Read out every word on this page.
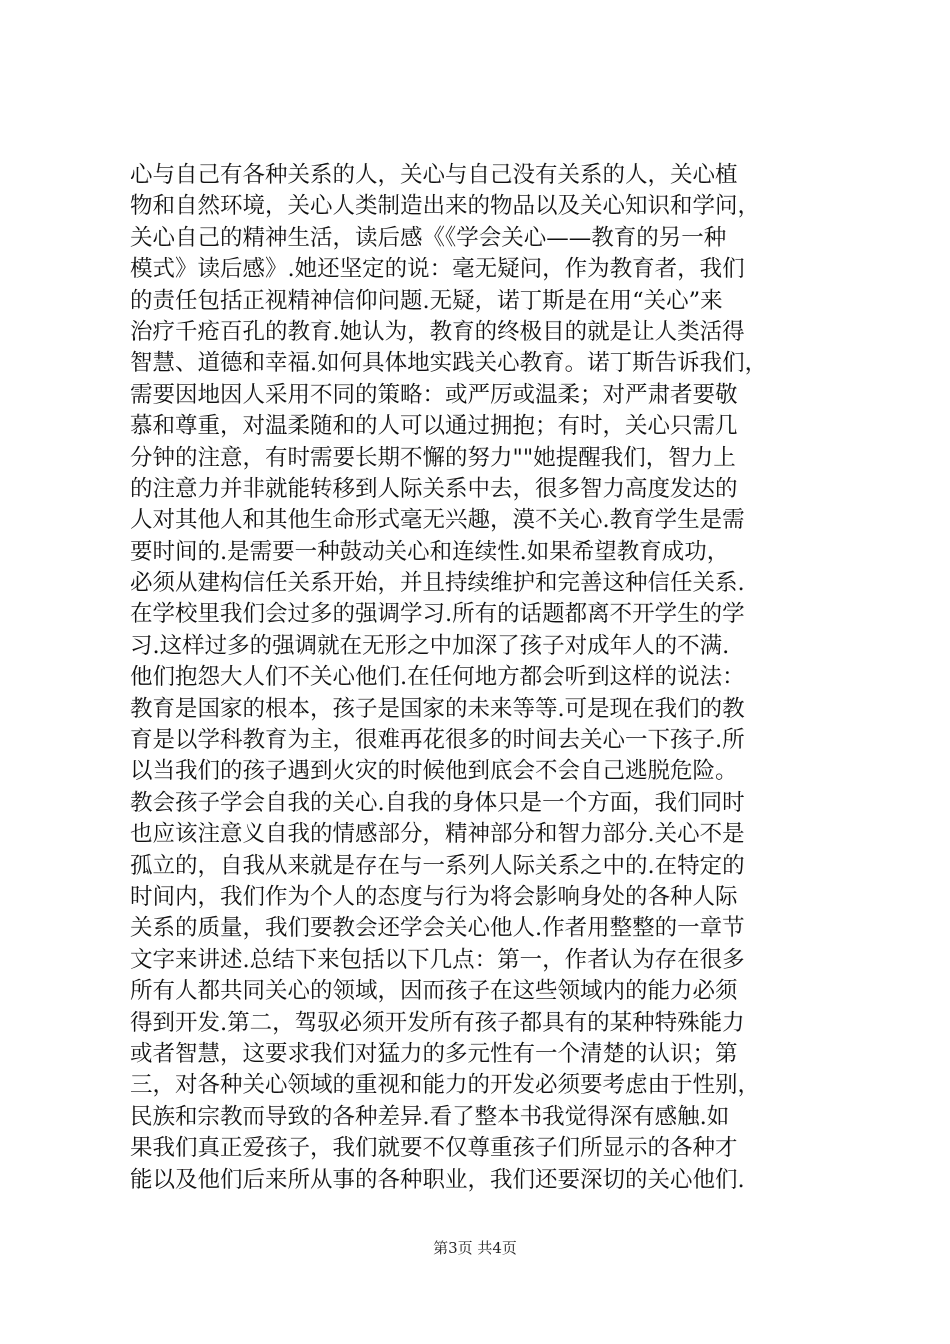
心与自己有各种关系的人，关心与自己没有关系的人，关心植
物和自然环境，关心人类制造出来的物品以及关心知识和学问，
关心自己的精神生活，读后感《《学会关心——教育的另一种
模式》读后感》.她还坚定的说：毫无疑问，作为教育者，我们
的责任包括正视精神信仰问题.无疑，诺丁斯是在用“关心”来
治疗千疮百孔的教育.她认为，教育的终极目的就是让人类活得
智慧、道德和幸福.如何具体地实践关心教育。诺丁斯告诉我们，
需要因地因人采用不同的策略：或严厉或温柔；对严肃者要敬
慕和尊重，对温柔随和的人可以通过拥抱；有时，关心只需几
分钟的注意，有时需要长期不懈的努力""她提醒我们，智力上
的注意力并非就能转移到人际关系中去，很多智力高度发达的
人对其他人和其他生命形式毫无兴趣，漠不关心.教育学生是需
要时间的.是需要一种鼓动关心和连续性.如果希望教育成功，
必须从建构信任关系开始，并且持续维护和完善这种信任关系.
在学校里我们会过多的强调学习.所有的话题都离不开学生的学
习.这样过多的强调就在无形之中加深了孩子对成年人的不满.
他们抱怨大人们不关心他们.在任何地方都会听到这样的说法：
教育是国家的根本，孩子是国家的未来等等.可是现在我们的教
育是以学科教育为主，很难再花很多的时间去关心一下孩子.所
以当我们的孩子遇到火灾的时候他到底会不会自己逃脱危险。
教会孩子学会自我的关心.自我的身体只是一个方面，我们同时
也应该注意义自我的情感部分，精神部分和智力部分.关心不是
孤立的，自我从来就是存在与一系列人际关系之中的.在特定的
时间内，我们作为个人的态度与行为将会影响身处的各种人际
关系的质量，我们要教会还学会关心他人.作者用整整的一章节
文字来讲述.总结下来包括以下几点：第一，作者认为存在很多
所有人都共同关心的领域，因而孩子在这些领域内的能力必须
得到开发.第二，驾驭必须开发所有孩子都具有的某种特殊能力
或者智慧，这要求我们对猛力的多元性有一个清楚的认识；第
三，对各种关心领域的重视和能力的开发必须要考虑由于性别，
民族和宗教而导致的各种差异.看了整本书我觉得深有感触.如
果我们真正爱孩子，我们就要不仅尊重孩子们所显示的各种才
能以及他们后来所从事的各种职业，我们还要深切的关心他们.
第3页 共4页
